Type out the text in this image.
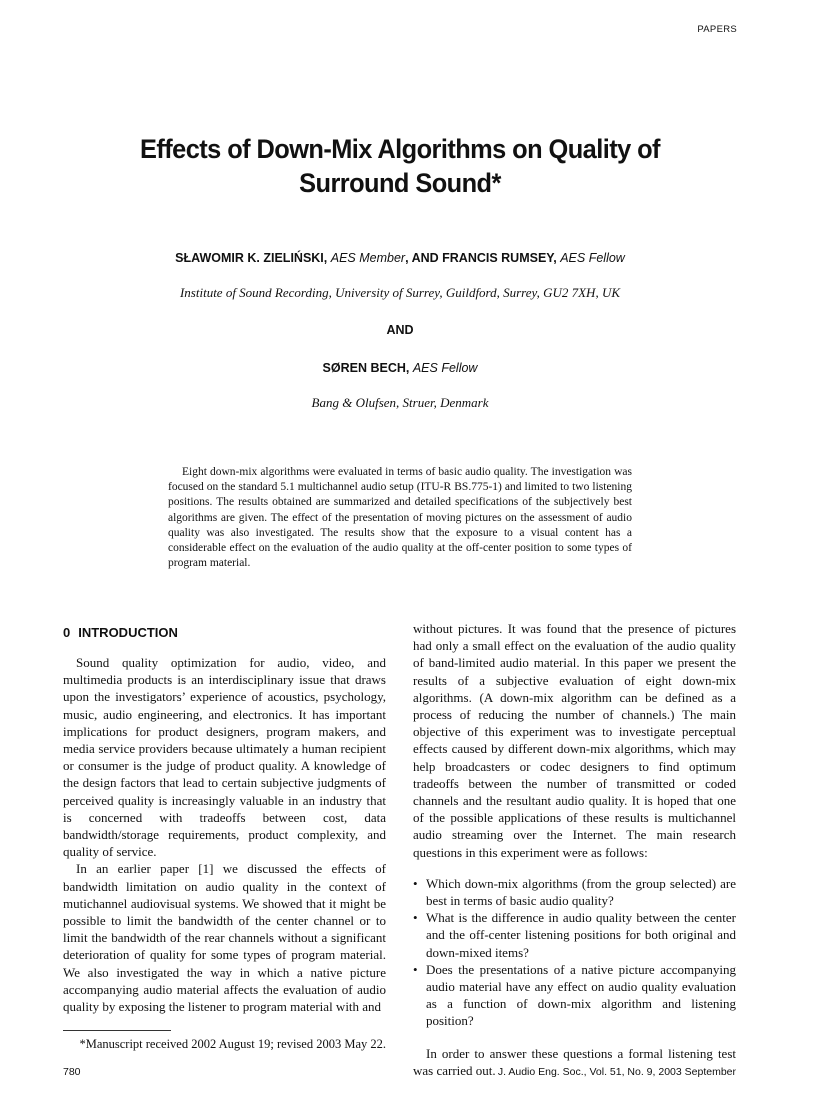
PAPERS
Effects of Down-Mix Algorithms on Quality of
Surround Sound*
SŁAWOMIR K. ZIELIŃSKI, AES Member, AND FRANCIS RUMSEY, AES Fellow
Institute of Sound Recording, University of Surrey, Guildford, Surrey, GU2 7XH, UK
AND
SØREN BECH, AES Fellow
Bang & Olufsen, Struer, Denmark

Eight down-mix algorithms were evaluated in terms of basic audio quality. The investigation was focused on the standard 5.1 multichannel audio setup (ITU-R BS.775-1) and limited to two listening positions. The results obtained are summarized and detailed specifications of the subjectively best algorithms are given. The effect of the presentation of moving pictures on the assessment of audio quality was also investigated. The results show that the exposure to a visual content has a considerable effect on the evaluation of the audio quality at the off-center position to some types of program material.

0 INTRODUCTION

Sound quality optimization for audio, video, and multimedia products is an interdisciplinary issue that draws upon the investigators’ experience of acoustics, psychology, music, audio engineering, and electronics. It has important implications for product designers, program makers, and media service providers because ultimately a human recipient or consumer is the judge of product quality. A knowledge of the design factors that lead to certain subjective judgments of perceived quality is increasingly valuable in an industry that is concerned with tradeoffs between cost, data bandwidth/storage requirements, product complexity, and quality of service.

In an earlier paper [1] we discussed the effects of bandwidth limitation on audio quality in the context of mutichannel audiovisual systems. We showed that it might be possible to limit the bandwidth of the center channel or to limit the bandwidth of the rear channels without a significant deterioration of quality for some types of program material. We also investigated the way in which a native picture accompanying audio material affects the evaluation of audio quality by exposing the listener to program material with and

without pictures. It was found that the presence of pictures had only a small effect on the evaluation of the audio quality of band-limited audio material. In this paper we present the results of a subjective evaluation of eight down-mix algorithms. (A down-mix algorithm can be defined as a process of reducing the number of channels.) The main objective of this experiment was to investigate perceptual effects caused by different down-mix algorithms, which may help broadcasters or codec designers to find optimum tradeoffs between the number of transmitted or coded channels and the resultant audio quality. It is hoped that one of the possible applications of these results is multichannel audio streaming over the Internet. The main research questions in this experiment were as follows:

• Which down-mix algorithms (from the group selected) are best in terms of basic audio quality?
• What is the difference in audio quality between the center and the off-center listening positions for both original and down-mixed items?
• Does the presentations of a native picture accompanying audio material have any effect on audio quality evaluation as a function of down-mix algorithm and listening position?

In order to answer these questions a formal listening test was carried out.

*Manuscript received 2002 August 19; revised 2003 May 22.
780	J. Audio Eng. Soc., Vol. 51, No. 9, 2003 September
